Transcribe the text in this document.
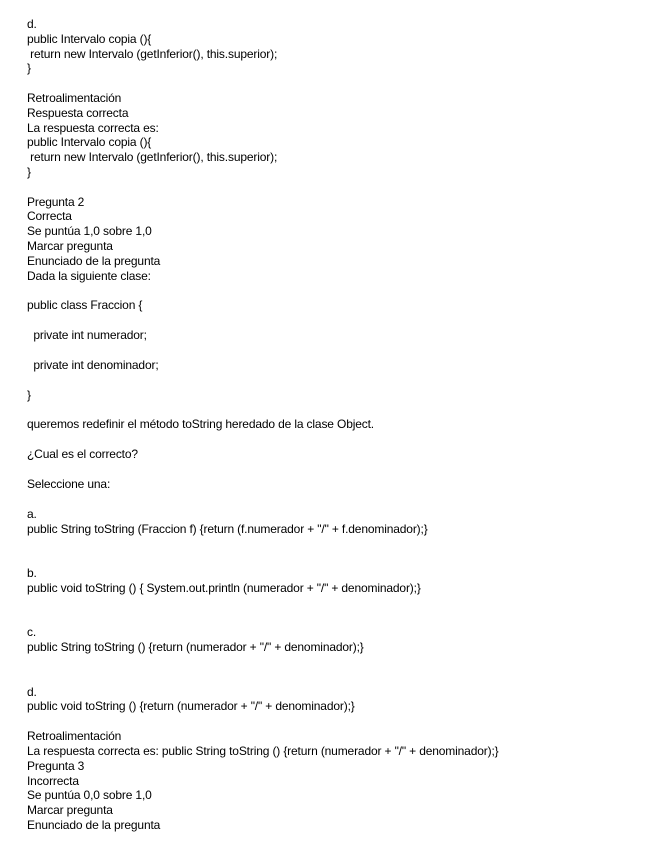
d.
public Intervalo copia (){
return new Intervalo (getInferior(), this.superior);
}
Retroalimentación
Respuesta correcta
La respuesta correcta es:
public Intervalo copia (){
return new Intervalo (getInferior(), this.superior);
}
Pregunta 2
Correcta
Se puntúa 1,0 sobre 1,0
Marcar pregunta
Enunciado de la pregunta
Dada la siguiente clase:
public class Fraccion {
private int numerador;
private int denominador;
}
queremos redefinir el método toString heredado de la clase Object.
¿Cual es el correcto?
Seleccione una:
a.
public String toString (Fraccion f) {return (f.numerador + "/" + f.denominador);}
b.
public void toString () { System.out.println (numerador + "/" + denominador);}
c.
public String toString () {return (numerador + "/" + denominador);}
d.
public void toString () {return (numerador + "/" + denominador);}
Retroalimentación
La respuesta correcta es: public String toString () {return (numerador + "/" + denominador);}
Pregunta 3
Incorrecta
Se puntúa 0,0 sobre 1,0
Marcar pregunta
Enunciado de la pregunta
